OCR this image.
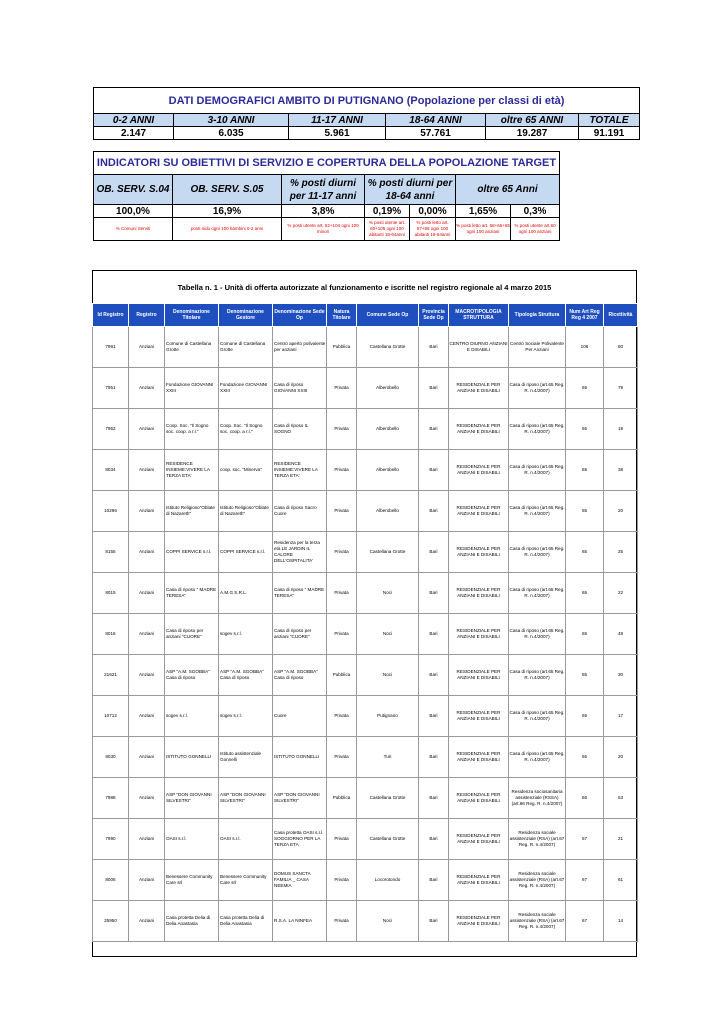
DATI DEMOGRAFICI AMBITO DI PUTIGNANO (Popolazione per classi di età)					
0-2 ANNI	3-10 ANNI	11-17 ANNI	18-64 ANNI	oltre 65 ANNI	TOTALE
2.147	6.035	5.961	57.761	19.287	91.191
INDICATORI SU OBIETTIVI DI SERVIZIO E COPERTURA DELLA POPOLAZIONE TARGET						
OB. SERV. S.04	OB. SERV. S.05	% posti diurni per 11-17 anni	% posti diurni per 18-64 anni		oltre 65 Anni	
100,0%	16,9%	3,8%	0,19%	0,00%	1,65%	0,3%
% Comuni Serviti	posti nido ogni 100 bambini 0-2 anni	% posti utente art. 52+104 ogni 100 minori	% posti utente art. 60+105 ogni 100 abitanti 18-64anni	% posti letto art. 57+58 ogni 100 abitanti 18-64anni	% posti letto art. 58+66+65 ogni 100 anziani	% posti utente art.60 ogni 100 anziani
Tabella n. 1 - Unità di offerta autorizzate al funzionamento e iscritte nel registro regionale al 4 marzo 2015
Id Registro	Registro	Denominazione Titolare	Denominazione Gestore	Denominazione Sede Op	Natura Titolare	Comune Sede Op	Provincia Sede Op	MACROTIPOLOGIA STRUTTURA	Tipologia Struttura	Num Art Reg Reg 4 2007	Ricettività
7991	Anziani	Comune di Castellana Grotte	Comune di Castellana Grotte	Centro aperto polivalente per anziani	Pubblica	Castellana Grotte	Bari	CENTRO DIURNO ANZIANI E DISABILI	Centro Sociale Polivalente Per Anziani	106	60
7951	Anziani	Fondazione GIOVANNI XXIII	Fondazione GIOVANNI XXIII	Casa di riposo GIOVANNI XXIII	Privata	Alberobello	Bari	RESIDENZIALE PER ANZIANI E DISABILI	Casa di riposo (art.65 Reg. R. n.4/2007)	65	79
7952	Anziani	Coop. Soc. "Il Sogno soc. coop. a r.l."	Coop. Soc. "Il Sogno soc. coop. a r.l."	Casa di riposo IL SOGNO	Privata	Alberobello	Bari	RESIDENZIALE PER ANZIANI E DISABILI	Casa di riposo (art.65 Reg. R. n.4/2007)	65	19
8034	Anziani	RESIDENCE INSIEME:VIVERE LA TERZA ETA'	coop. soc. "Minerva"	RESIDENCE INSIEME:VIVERE LA TERZA ETA'	Privata	Alberobello	Bari	RESIDENZIALE PER ANZIANI E DISABILI	Casa di riposo (art.65 Reg. R. n.4/2007)	65	38
10296	Anziani	Istituto Religioso"Oblate di Nazareth"	Istituto Religioso"Oblate di Nazareth"	Casa di riposo Sacro Cuore	Privata	Alberobello	Bari	RESIDENZIALE PER ANZIANI E DISABILI	Casa di riposo (art.65 Reg. R. n.4/2007)	65	20
8155	Anziani	COPPI SERVICE s.r.l.	COPPI SERVICE s.r.l.	Residenza per la terza età LE JARDIN IL CALORE DELL'OSPITALITA'	Privata	Castellana Grotte	Bari	RESIDENZIALE PER ANZIANI E DISABILI	Casa di riposo (art.65 Reg. R. n.4/2007)	65	25
8015	Anziani	Casa di riposo " MADRE TERESA"	A.M.G S.R.L.	Casa di riposo " MADRE TERESA"	Privata	Noci	Bari	RESIDENZIALE PER ANZIANI E DISABILI	Casa di riposo (art.65 Reg. R. n.4/2007)	65	22
8016	Anziani	Casa di riposo per anziani "CUORE"	sogev s.r.l.	Casa di riposo per anziani "CUORE"	Privata	Noci	Bari	RESIDENZIALE PER ANZIANI E DISABILI	Casa di riposo (art.65 Reg. R. n.4/2007)	65	48
21621	Anziani	ASP "A.M. SGOBBA" Casa di riposo	ASP "A.M. SGOBBA" Casa di riposo	ASP "A.M. SGOBBA" Casa di riposo	Pubblica	Noci	Bari	RESIDENZIALE PER ANZIANI E DISABILI	Casa di riposo (art.65 Reg. R. n.4/2007)	65	30
10712	Anziani	sogev s.r.l.	sogev s.r.l.	Cuore	Privata	Putignano	Bari	RESIDENZIALE PER ANZIANI E DISABILI	Casa di riposo (art.65 Reg. R. n.4/2007)	65	17
8030	Anziani	ISTITUTO GONNELLI	Istituto assistenziale Gonnelli	ISTITUTO GONNELLI	Privata	Turi	Bari	RESIDENZIALE PER ANZIANI E DISABILI	Casa di riposo (art.65 Reg. R. n.4/2007)	65	20
7988	Anziani	ASP "DON GIOVANNI SILVESTRI"	ASP "DON GIOVANNI SILVESTRI"	ASP "DON GIOVANNI SILVESTRI"	Pubblica	Castellana Grotte	Bari	RESIDENZIALE PER ANZIANI E DISABILI	Residenza sociosanitaria assistenziale (RSSA) (art.66 Reg. R. n.4/2007)	66	53
7990	Anziani	OASI s.r.l.	OASI s.r.l.	Casa protetta OASI s.r.l. SOGGIORNO PER LA TERZA ETA	Privata	Castellana Grotte	Bari	RESIDENZIALE PER ANZIANI E DISABILI	Residenza sociale assistenziale (RSA) (art.67 Reg. R. n.4/2007)	67	21
8006	Anziani	Benessere Community Care srl	Benessere Community Care srl	DOMUS SANCTA FAMILIA _ CASA NEEMIA	Privata	Locorotondo	Bari	RESIDENZIALE PER ANZIANI E DISABILI	Residenza sociale assistenziale (RSA) (art.67 Reg. R. n.4/2007)	67	61
25950	Anziani	Casa protetta Delia di Delia Anastasia	Casa protetta Delia di Delia Anastasia	R.S.A. LA NINFEA	Privata	Noci	Bari	RESIDENZIALE PER ANZIANI E DISABILI	Residenza sociale assistenziale (RSA) (art.67 Reg. R. n.4/2007)	67	14
